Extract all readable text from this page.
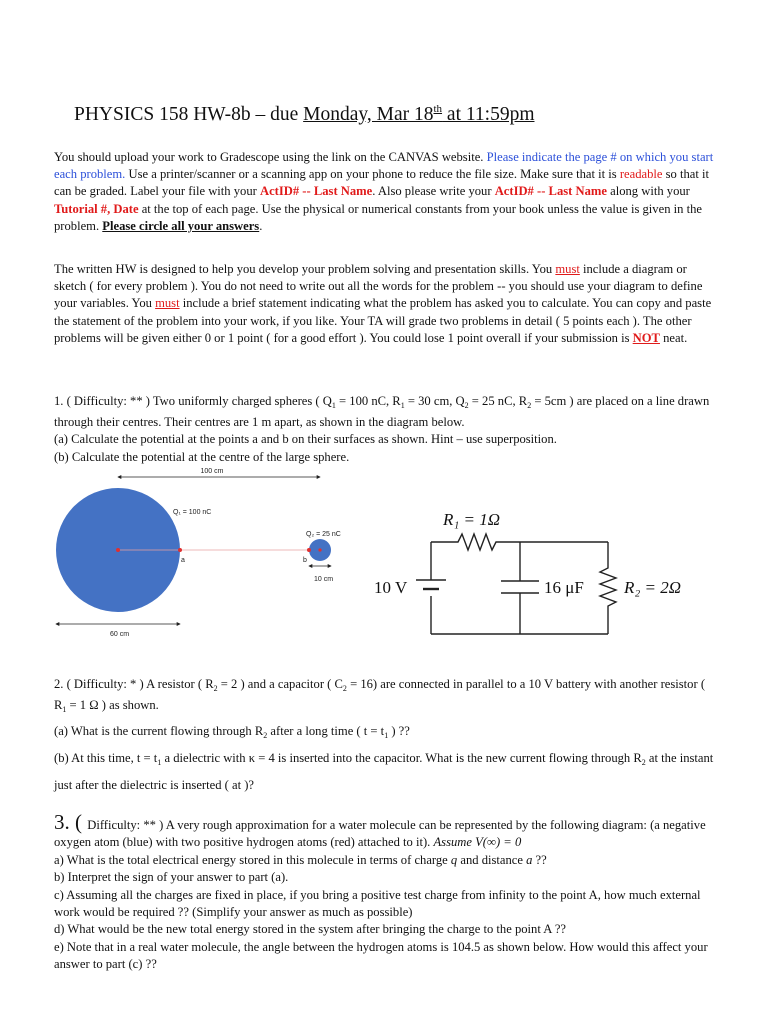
PHYSICS 158 HW-8b – due Monday, Mar 18th at 11:59pm

You should upload your work to Gradescope using the link on the CANVAS website. Please indicate the page # on which you start each problem. Use a printer/scanner or a scanning app on your phone to reduce the file size. Make sure that it is readable so that it can be graded. Label your file with your ActID# -- Last Name. Also please write your ActID# -- Last Name along with your Tutorial #, Date at the top of each page. Use the physical or numerical constants from your book unless the value is given in the problem. Please circle all your answers.

The written HW is designed to help you develop your problem solving and presentation skills. You must include a diagram or sketch ( for every problem ). You do not need to write out all the words for the problem -- you should use your diagram to define your variables. You must include a brief statement indicating what the problem has asked you to calculate. You can copy and paste the statement of the problem into your work, if you like. Your TA will grade two problems in detail ( 5 points each ). The other problems will be given either 0 or 1 point ( for a good effort ). You could lose 1 point overall if your submission is NOT neat.

1. ( Difficulty: ** ) Two uniformly charged spheres ( $Q_1 = 100$ nC, $R_1 = 30$ cm, $Q_2 = 25$ nC, $R_2 = 5cm$ ) are placed on a line drawn through their centres. Their centres are 1 m apart, as shown in the diagram below.
(a) Calculate the potential at the points a and b on their surfaces as shown. Hint – use superposition.
(b) Calculate the potential at the centre of the large sphere.

100 cm
Q₁ = 100 nC
Q₂ = 25 nC
a	b
10 cm
60 cm
R₁ = 1Ω
10 V	16 μF R₂ = 2Ω

2. ( Difficulty: * ) A resistor ( $R_2 = 2$ ) and a capacitor ( $C_2 = 16$) are connected in parallel to a 10 V battery with another resistor ( $R_1 = 1$ Ω ) as shown.

(a) What is the current flowing through $R_2$ after a long time ( $t = t_1$ ) ??
(b) At this time, $t = t_1$ a dielectric with κ = 4 is inserted into the capacitor. What is the new current flowing through $R_2$ at the instant just after the dielectric is inserted ( at )?

3. ( Difficulty: ** ) A very rough approximation for a water molecule can be represented by the following diagram: (a negative oxygen atom (blue) with two positive hydrogen atoms (red) attached to it). Assume V(∞) = 0
a) What is the total electrical energy stored in this molecule in terms of charge q and distance a ??
b) Interpret the sign of your answer to part (a).
c) Assuming all the charges are fixed in place, if you bring a positive test charge from infinity to the point A, how much external work would be required ?? (Simplify your answer as much as possible)
d) What would be the new total energy stored in the system after bringing the charge to the point A ??
e) Note that in a real water molecule, the angle between the hydrogen atoms is 104.5 as shown below. How would this affect your answer to part (c) ??
